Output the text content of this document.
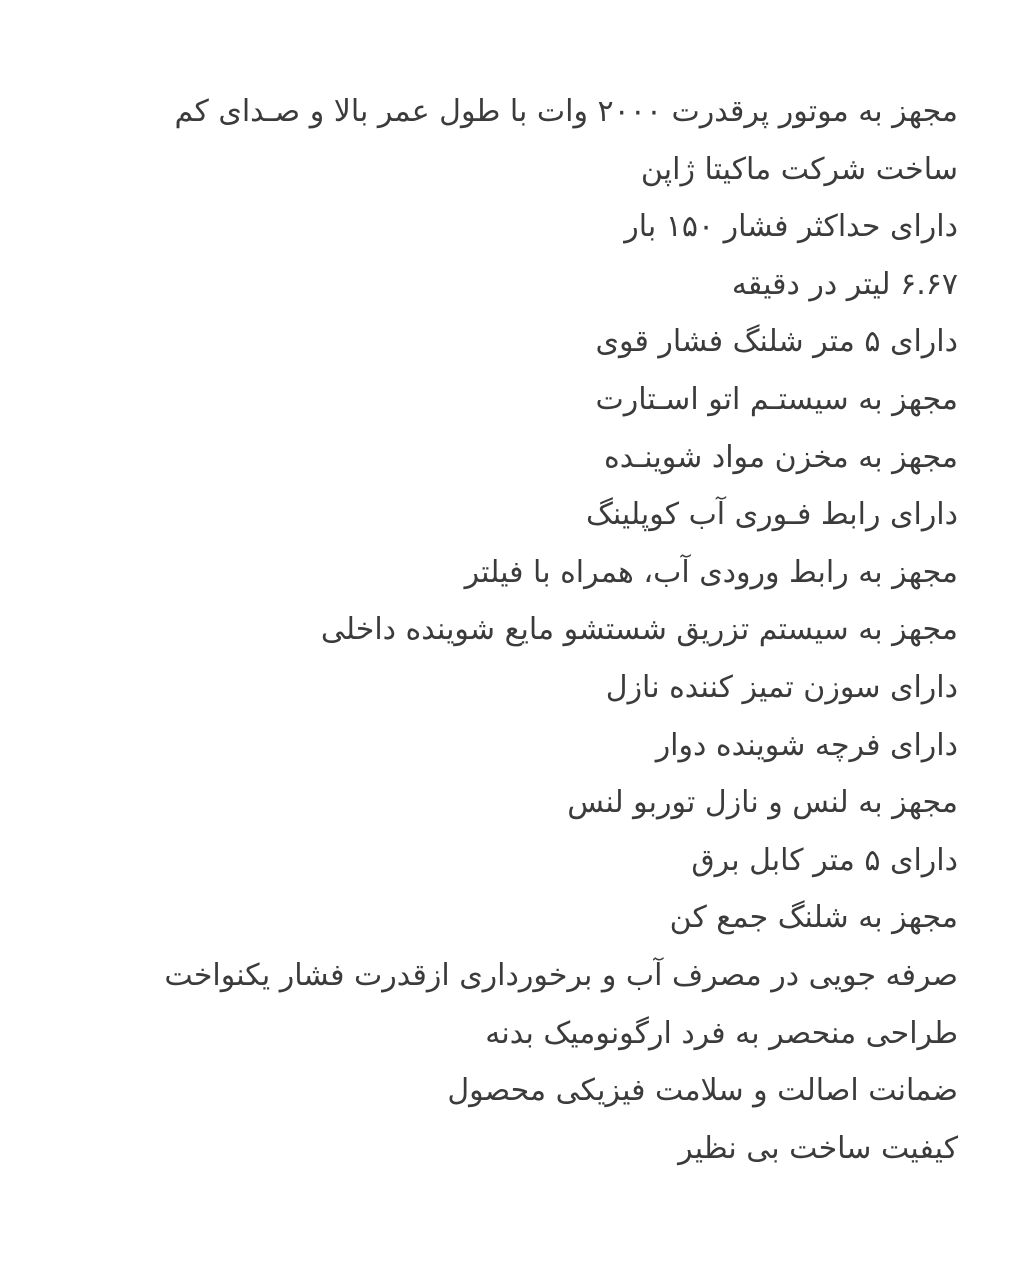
مجهز به موتور پرقدرت ۲۰۰۰ وات با طول عمر بالا و صـدای کم
ساخت شرکت ماکیتا ژاپن
دارای حداکثر فشار ۱۵۰ بار
۶.۶۷ لیتر در دقیقه
دارای ۵ متر شلنگ فشار قوی
مجهز به سیستـم اتو اسـتارت
مجهز به مخزن مواد شوینـده
دارای رابط فـوری آب کوپلینگ
مجهز به رابط ورودی آب، همراه با فیلتر
مجهز به سیستم تزریق شستشو مایع شوینده داخلی
دارای سوزن تمیز کننده نازل
دارای فرچه شوینده دوار
مجهز به لنس و نازل توربو لنس
دارای ۵ متر کابل برق
مجهز به شلنگ جمع کن
صرفه جویی در مصرف آب و برخورداری ازقدرت فشار یکنواخت
طراحی منحصر به فرد ارگونومیک بدنه
ضمانت اصالت و سلامت فیزیکی محصول
کیفیت ساخت بی نظیر
